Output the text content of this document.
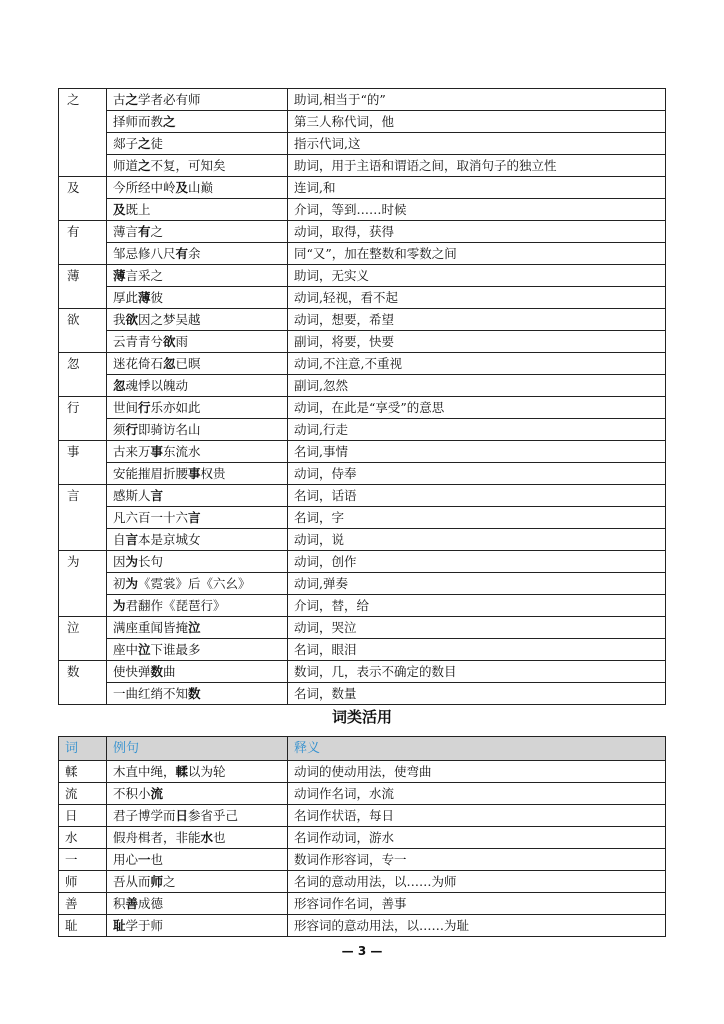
之	古之学者必有师	助词,相当于“的”
	择师而教之	第三人称代词，他
	郯子之徒	指示代词,这
	师道之不复，可知矣	助词，用于主语和谓语之间，取消句子的独立性
及	今所经中岭及山巅	连词,和
	及既上	介词，等到……时候
有	薄言有之	动词，取得，获得
	邹忌修八尺有余	同“又”，加在整数和零数之间
薄	薄言采之	助词，无实义
	厚此薄彼	动词,轻视，看不起
欲	我欲因之梦吴越	动词，想要，希望
	云青青兮欲雨	副词，将要，快要
忽	迷花倚石忽已暝	动词,不注意,不重视
	忽魂悸以魄动	副词,忽然
行	世间行乐亦如此	动词，在此是“享受”的意思
	须行即骑访名山	动词,行走
事	古来万事东流水	名词,事情
	安能摧眉折腰事权贵	动词，侍奉
言	感斯人言	名词，话语
	凡六百一十六言	名词，字
	自言本是京城女	动词，说
为	因为长句	动词，创作
	初为《霓裳》后《六幺》	动词,弹奏
	为君翻作《琵琶行》	介词，替，给
泣	满座重闻皆掩泣	动词，哭泣
	座中泣下谁最多	名词，眼泪
数	使快弹数曲	数词，几，表示不确定的数目
	一曲红绡不知数	名词，数量
词类活用
词	例句	释义
輮	木直中绳，輮以为轮	动词的使动用法，使弯曲
流	不积小流	动词作名词，水流
日	君子博学而日参省乎己	名词作状语，每日
水	假舟楫者，非能水也	名词作动词，游水
一	用心一也	数词作形容词，专一
师	吾从而师之	名词的意动用法，以……为师
善	积善成德	形容词作名词，善事
耻	耻学于师	形容词的意动用法，以……为耻
— 3 —
